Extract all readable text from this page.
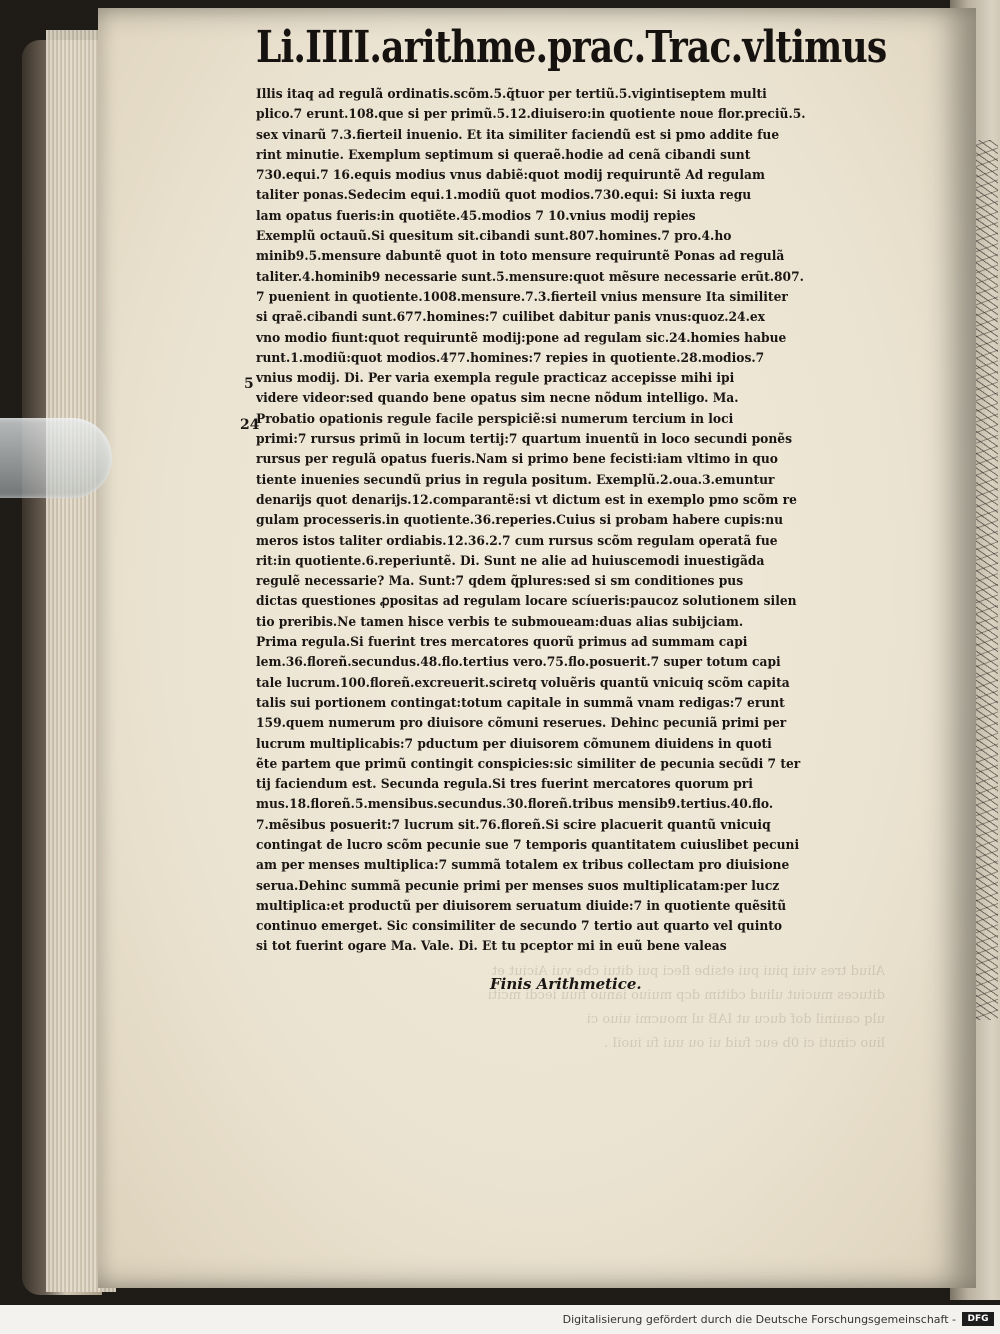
Li.IIII.arithme.prac.Trac.vltimus
Illis itaq ad regulã ordinatis.scõm.5.q̃tuor per tertiũ.5.vigintiseptem multi
plico.7 erunt.108.que si per primũ.5.12.diuisero:in quotiente noue flor.preciũ.5.
sex vinarũ 7.3.fierteil inuenio. Et ita similiter faciendũ est si pmo addite fue
rint minutie. Exemplum septimum si queraẽ.hodie ad cenã cibandi sunt
730.equi.7 16.equis modius vnus dabiẽ:quot modij requiruntẽ Ad regulam
taliter ponas.Sedecim equi.1.modiũ quot modios.730.equi: Si iuxta regu
lam opatus fueris:in quotiẽte.45.modios 7 10.vnius modij repies
Exemplũ octauũ.Si quesitum sit.cibandi sunt.807.homines.7 pro.4.ho
minib9.5.mensure dabuntẽ quot in toto mensure requiruntẽ Ponas ad regulã
taliter.4.hominib9 necessarie sunt.5.mensure:quot mẽsure necessarie erũt.807.
7 puenient in quotiente.1008.mensure.7.3.fierteil vnius mensure Ita similiter
si qraẽ.cibandi sunt.677.homines:7 cuilibet dabitur panis vnus:quoz.24.ex
vno modio fiunt:quot requiruntẽ modij:pone ad regulam sic.24.homies habue
runt.1.modiũ:quot modios.477.homines:7 repies in quotiente.28.modios.7
vnius modij. Di. Per varia exempla regule practicaz accepisse mihi ipi
videre videor:sed quando bene opatus sim necne nõdum intelligo. Ma.
Probatio opationis regule facile perspiciẽ:si numerum tercium in loci
primi:7 rursus primũ in locum tertij:7 quartum inuentũ in loco secundi ponẽs
rursus per regulã opatus fueris.Nam si primo bene fecisti:iam vltimo in quo
tiente inuenies secundũ prius in regula positum. Exemplũ.2.oua.3.emuntur
denarijs quot denarijs.12.comparantẽ:si vt dictum est in exemplo pmo scõm re
gulam processeris.in quotiente.36.reperies.Cuius si probam habere cupis:nu
meros istos taliter ordiabis.12.36.2.7 cum rursus scõm regulam operatã fue
rit:in quotiente.6.reperiuntẽ. Di. Sunt ne alie ad huiuscemodi inuestigãda
regulẽ necessarie? Ma. Sunt:7 qdem q̃plures:sed si sm conditiones pus
dictas questiones ꝓpositas ad regulam locare scíueris:paucoz solutionem silen
tio preribis.Ne tamen hisce verbis te submoueam:duas alias subijciam.
Prima regula.Si fuerint tres mercatores quorũ primus ad summam capi
lem.36.floreñ.secundus.48.flo.tertius vero.75.flo.posuerit.7 super totum capi
tale lucrum.100.floreñ.excreuerit.sciretq voluẽris quantũ vnicuiq scõm capita
talis sui portionem contingat:totum capitale in summã vnam redigas:7 erunt
159.quem numerum pro diuisore cõmuni reserues. Dehinc pecuniã primi per
lucrum multiplicabis:7 pductum per diuisorem cõmunem diuidens in quoti
ẽte partem que primũ contingit conspicies:sic similiter de pecunia secũdi 7 ter
tij faciendum est. Secunda regula.Si tres fuerint mercatores quorum pri
mus.18.floreñ.5.mensibus.secundus.30.floreñ.tribus mensib9.tertius.40.flo.
7.mẽsibus posuerit:7 lucrum sit.76.floreñ.Si scire placuerit quantũ vnicuiq
contingat de lucro scõm pecunie sue 7 temporis quantitatem cuiuslibet pecuni
am per menses multiplica:7 summã totalem ex tribus collectam pro diuisione
serua.Dehinc summã pecunie primi per menses suos multiplicatam:per lucz
multiplica:et productũ per diuisorem seruatum diuide:7 in quotiente quẽsitũ
continuo emerget. Sic consimiliter de secundo 7 tertio aut quarto vel quinto
si tot fuerint ogare Ma. Vale. Di. Et tu pceptor mi in euũ bene valeas
5
24
Aliud tres viui piui pui etsibe fleci pui ditui cbe vui Aiciut et
dituces muciut uliud cditim dcp muiuo ianuo fiuu iecdi mciti
ulq cauinil dof ducu ut IAB ul moucmi uiuo ci
liuo cinuti ci 0b euc fuid ui ou uui fu iuoiI .
Finis Arithmetice.
Digitalisierung gefördert durch die Deutsche Forschungsgemeinschaft -	DFG
